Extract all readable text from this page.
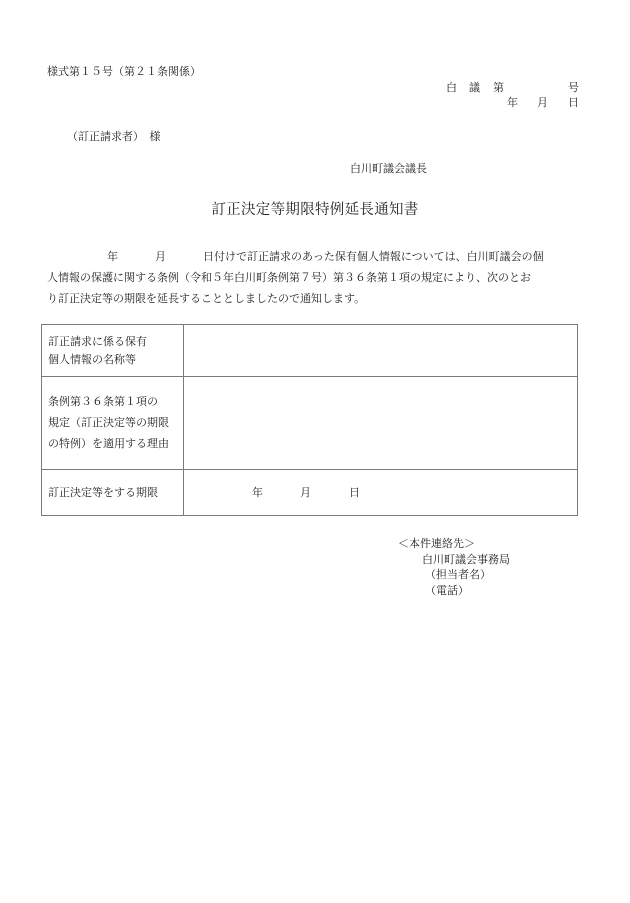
様式第１５号（第２１条関係）
白 議 第	号
年 月 日
（訂正請求者）　様
白川町議会議長
訂正決定等期限特例延長通知書
年	月	日付けで訂正請求のあった保有個人情報については、白川町議会の個
人情報の保護に関する条例（令和５年白川町条例第７号）第３６条第１項の規定により、次のとお
り訂正決定等の期限を延長することとしましたので通知します。
訂正請求に係る保有
個人情報の名称等	

条例第３６条第１項の
規定（訂正決定等の期限
の特例）を適用する理由	

訂正決定等をする期限	年 月 日
＜本件連絡先＞
白川町議会事務局
（担当者名）
（電話）
